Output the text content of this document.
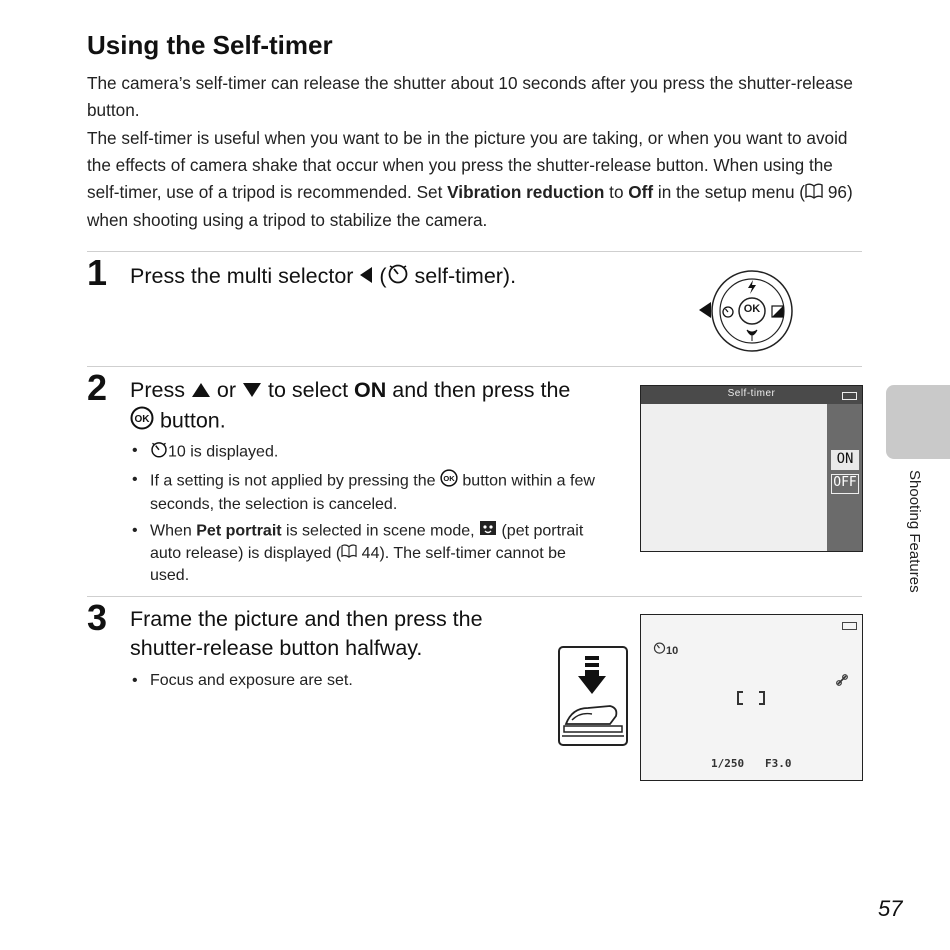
Using the Self-timer

The camera’s self-timer can release the shutter about 10 seconds after you press the shutter-release button.

The self-timer is useful when you want to be in the picture you are taking, or when you want to avoid the effects of camera shake that occur when you press the shutter-release button. When using the self-timer, use of a tripod is recommended. Set Vibration reduction to Off in the setup menu ( 96) when shooting using a tripod to stabilize the camera.

1 Press the multi selector  ( self-timer).

OK
2 Press  or  to select ON and then press the

OK button.

• 10 is displayed.
• If a setting is not applied by pressing the OK button within a few seconds, the selection is canceled.
• When Pet portrait is selected in scene mode,  (pet portrait auto release) is displayed ( 44). The self-timer cannot be used.
Self-timer
ON
OFF
3 Frame the picture and then press the shutter-release button halfway.

• Focus and exposure are set.
10
1/250 F3.0
Shooting Features
57
